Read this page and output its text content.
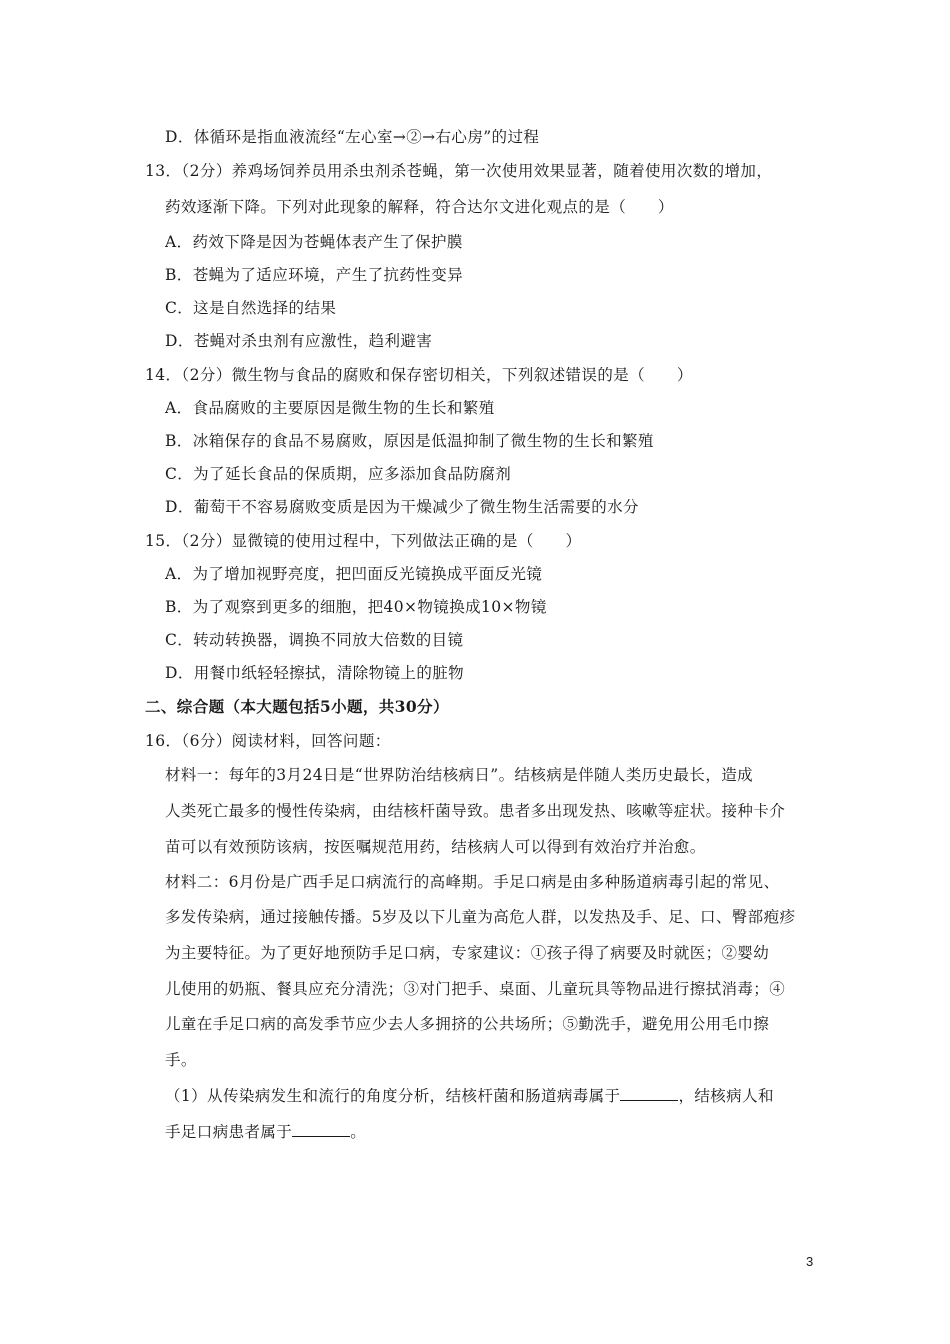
D．体循环是指血液流经“左心室→②→右心房”的过程
13．（2分）养鸡场饲养员用杀虫剂杀苍蝇，第一次使用效果显著，随着使用次数的增加，
药效逐渐下降。下列对此现象的解释，符合达尔文进化观点的是（　　）
A．药效下降是因为苍蝇体表产生了保护膜
B．苍蝇为了适应环境，产生了抗药性变异
C．这是自然选择的结果
D．苍蝇对杀虫剂有应激性，趋利避害
14．（2分）微生物与食品的腐败和保存密切相关，下列叙述错误的是（　　）
A．食品腐败的主要原因是微生物的生长和繁殖
B．冰箱保存的食品不易腐败，原因是低温抑制了微生物的生长和繁殖
C．为了延长食品的保质期，应多添加食品防腐剂
D．葡萄干不容易腐败变质是因为干燥减少了微生物生活需要的水分
15．（2分）显微镜的使用过程中，下列做法正确的是（　　）
A．为了增加视野亮度，把凹面反光镜换成平面反光镜
B．为了观察到更多的细胞，把40×物镜换成10×物镜
C．转动转换器，调换不同放大倍数的目镜
D．用餐巾纸轻轻擦拭，清除物镜上的脏物
二、综合题（本大题包括5小题，共30分）
16．（6分）阅读材料，回答问题：
材料一：每年的3月24日是“世界防治结核病日”。结核病是伴随人类历史最长，造成
人类死亡最多的慢性传染病，由结核杆菌导致。患者多出现发热、咳嗽等症状。接种卡介
苗可以有效预防该病，按医嘱规范用药，结核病人可以得到有效治疗并治愈。
材料二：6月份是广西手足口病流行的高峰期。手足口病是由多种肠道病毒引起的常见、
多发传染病，通过接触传播。5岁及以下儿童为高危人群，以发热及手、足、口、臀部疱疹
为主要特征。为了更好地预防手足口病，专家建议：①孩子得了病要及时就医；②婴幼
儿使用的奶瓶、餐具应充分清洗；③对门把手、桌面、儿童玩具等物品进行擦拭消毒；④
儿童在手足口病的高发季节应少去人多拥挤的公共场所；⑤勤洗手，避免用公用毛巾擦
手。
（1）从传染病发生和流行的角度分析，结核杆菌和肠道病毒属于	，结核病人和
手足口病患者属于	。
3
